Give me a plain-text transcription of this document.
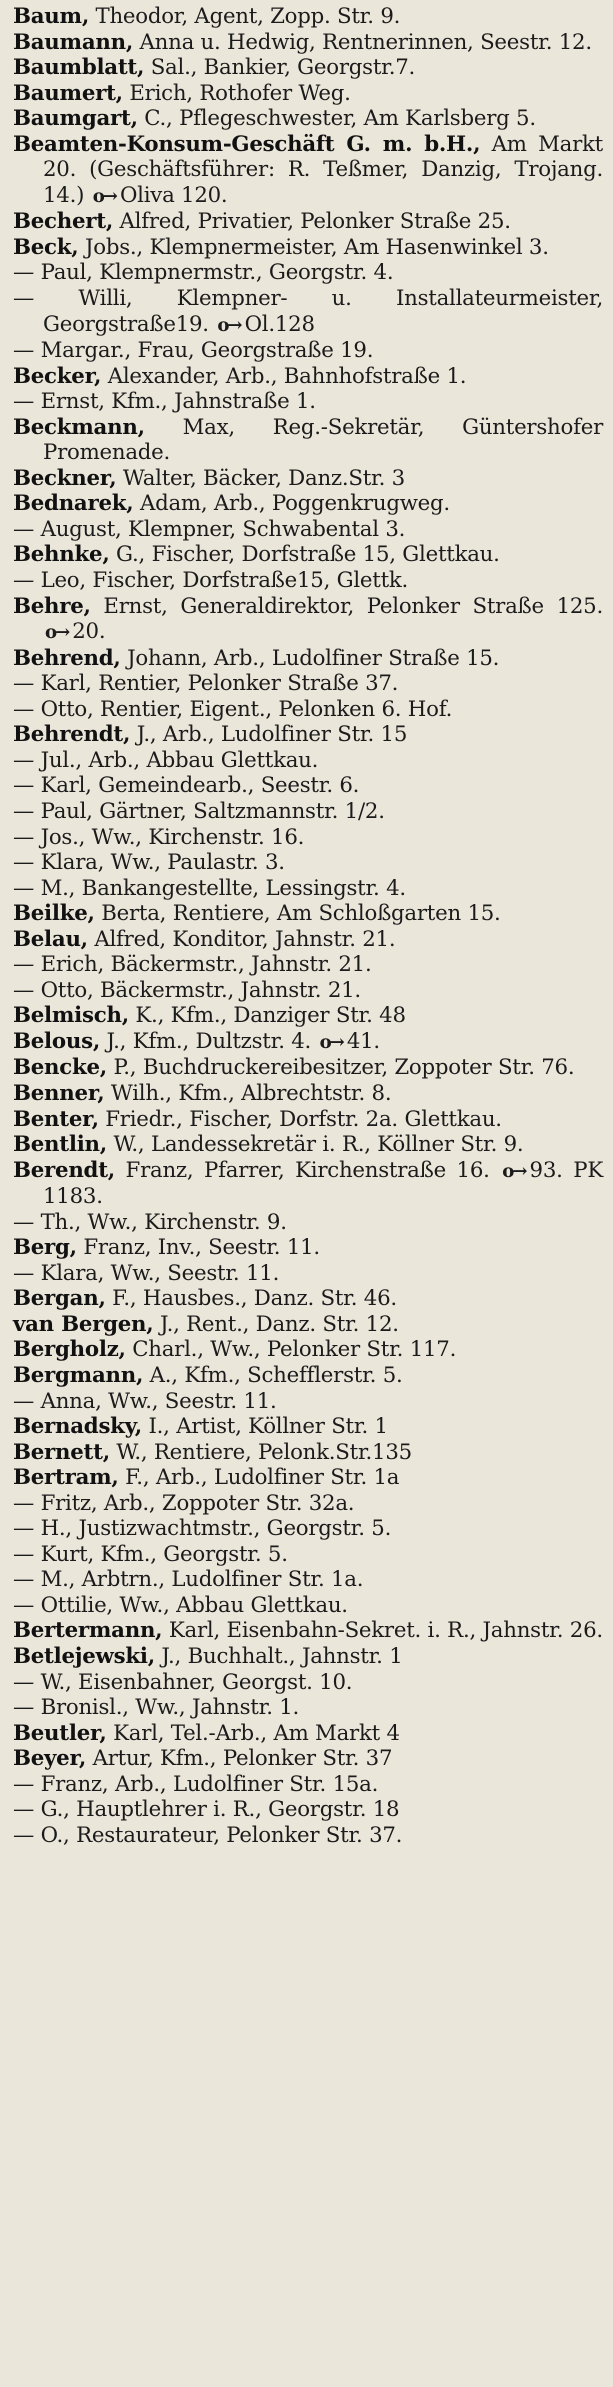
Baum, Theodor, Agent, Zopp. Str. 9.
Baumann, Anna u. Hedwig, Rentnerinnen, Seestr. 12.
Baumblatt, Sal., Bankier, Georgstr.7.
Baumert, Erich, Rothofer Weg.
Baumgart, C., Pflegeschwester, Am Karlsberg 5.
Beamten-Konsum-Geschäft G. m. b.H., Am Markt 20. (Geschäftsführer: R. Teßmer, Danzig, Trojang. 14.) o→ Oliva 120.
Bechert, Alfred, Privatier, Pelonker Straße 25.
Beck, Jobs., Klempnermeister, Am Hasenwinkel 3.
— Paul, Klempnermstr., Georgstr. 4.
— Willi, Klempner- u. Installateurmeister, Georgstraße19. o→ Ol.128
— Margar., Frau, Georgstraße 19.
Becker, Alexander, Arb., Bahnhofstraße 1.
— Ernst, Kfm., Jahnstraße 1.
Beckmann, Max, Reg.-Sekretär, Güntershofer Promenade.
Beckner, Walter, Bäcker, Danz.Str. 3
Bednarek, Adam, Arb., Poggenkrugweg.
— August, Klempner, Schwabental 3.
Behnke, G., Fischer, Dorfstraße 15, Glettkau.
— Leo, Fischer, Dorfstraße15, Glettk.
Behre, Ernst, Generaldirektor, Pelonker Straße 125. o→ 20.
Behrend, Johann, Arb., Ludolfiner Straße 15.
— Karl, Rentier, Pelonker Straße 37.
— Otto, Rentier, Eigent., Pelonken 6. Hof.
Behrendt, J., Arb., Ludolfiner Str. 15
— Jul., Arb., Abbau Glettkau.
— Karl, Gemeindearb., Seestr. 6.
— Paul, Gärtner, Saltzmannstr. 1/2.
— Jos., Ww., Kirchenstr. 16.
— Klara, Ww., Paulastr. 3.
— M., Bankangestellte, Lessingstr. 4.
Beilke, Berta, Rentiere, Am Schloßgarten 15.
Belau, Alfred, Konditor, Jahnstr. 21.
— Erich, Bäckermstr., Jahnstr. 21.
— Otto, Bäckermstr., Jahnstr. 21.
Belmisch, K., Kfm., Danziger Str. 48
Belous, J., Kfm., Dultzstr. 4. o→ 41.
Bencke, P., Buchdruckereibesitzer, Zoppoter Str. 76.
Benner, Wilh., Kfm., Albrechtstr. 8.
Benter, Friedr., Fischer, Dorfstr. 2a. Glettkau.
Bentlin, W., Landessekretär i. R., Köllner Str. 9.
Berendt, Franz, Pfarrer, Kirchenstraße 16. o→ 93. PK 1183.
— Th., Ww., Kirchenstr. 9.
Berg, Franz, Inv., Seestr. 11.
— Klara, Ww., Seestr. 11.
Bergan, F., Hausbes., Danz. Str. 46.
van Bergen, J., Rent., Danz. Str. 12.
Bergholz, Charl., Ww., Pelonker Str. 117.
Bergmann, A., Kfm., Schefflerstr. 5.
— Anna, Ww., Seestr. 11.
Bernadsky, I., Artist, Köllner Str. 1
Bernett, W., Rentiere, Pelonk.Str.135
Bertram, F., Arb., Ludolfiner Str. 1a
— Fritz, Arb., Zoppoter Str. 32a.
— H., Justizwachtmstr., Georgstr. 5.
— Kurt, Kfm., Georgstr. 5.
— M., Arbtrn., Ludolfiner Str. 1a.
— Ottilie, Ww., Abbau Glettkau.
Bertermann, Karl, Eisenbahn-Sekret. i. R., Jahnstr. 26.
Betlejewski, J., Buchhalt., Jahnstr. 1
— W., Eisenbahner, Georgst. 10.
— Bronisl., Ww., Jahnstr. 1.
Beutler, Karl, Tel.-Arb., Am Markt 4
Beyer, Artur, Kfm., Pelonker Str. 37
— Franz, Arb., Ludolfiner Str. 15a.
— G., Hauptlehrer i. R., Georgstr. 18
— O., Restaurateur, Pelonker Str. 37.
